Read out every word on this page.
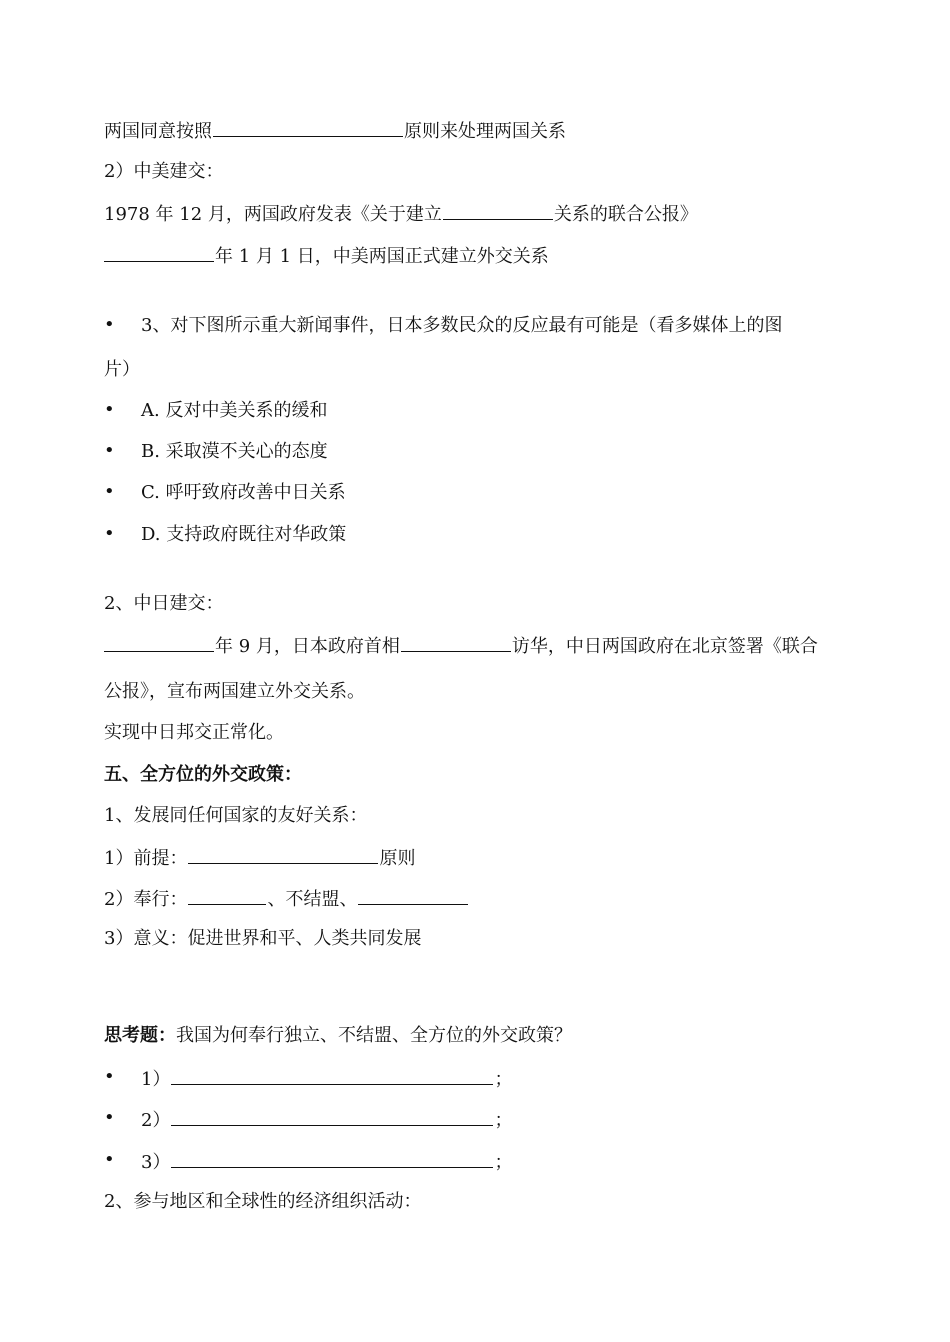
两国同意按照	原则来处理两国关系
2）中美建交：
1978 年 12 月，两国政府发表《关于建立	关系的联合公报》
年 1 月 1 日，中美两国正式建立外交关系
• 3、对下图所示重大新闻事件，日本多数民众的反应最有可能是（看多媒体上的图
片）
• A. 反对中美关系的缓和
• B. 采取漠不关心的态度
• C. 呼吁致府改善中日关系
• D. 支持政府既往对华政策
2、中日建交：
年 9 月，日本政府首相	访华，中日两国政府在北京签署《联合
公报》，宣布两国建立外交关系。
实现中日邦交正常化。
五、全方位的外交政策：
1、发展同任何国家的友好关系：
1）前提：	原则
2）奉行：	、不结盟、
3）意义：促进世界和平、人类共同发展
思考题：我国为何奉行独立、不结盟、全方位的外交政策？
• 1）	；
• 2）	；
• 3）	；
2、参与地区和全球性的经济组织活动：
